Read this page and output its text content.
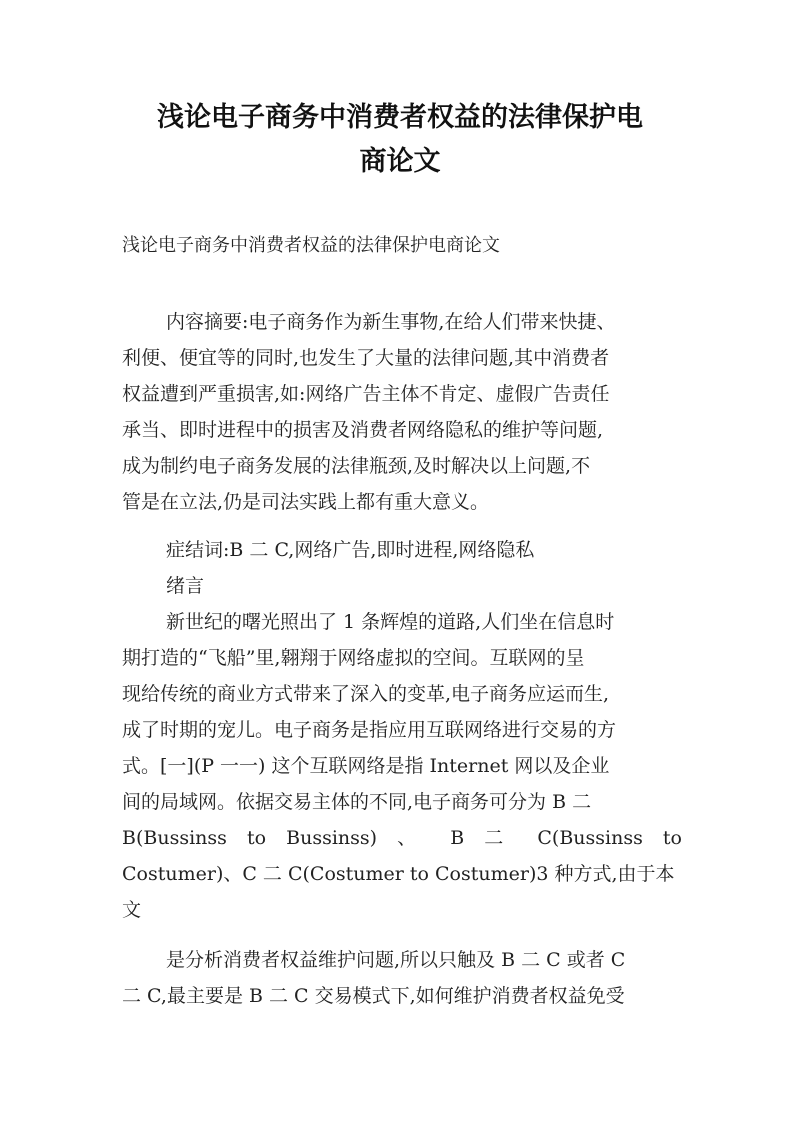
浅论电子商务中消费者权益的法律保护电
商论文
浅论电子商务中消费者权益的法律保护电商论文
内容摘要:电子商务作为新生事物,在给人们带来快捷、
利便、便宜等的同时,也发生了大量的法律问题,其中消费者
权益遭到严重损害,如:网络广告主体不肯定、虚假广告责任
承当、即时进程中的损害及消费者网络隐私的维护等问题,
成为制约电子商务发展的法律瓶颈,及时解决以上问题,不
管是在立法,仍是司法实践上都有重大意义。
症结词:B 二 C,网络广告,即时进程,网络隐私
绪言
新世纪的曙光照出了 1 条辉煌的道路,人们坐在信息时
期打造的“飞船”里,翱翔于网络虚拟的空间。互联网的呈
现给传统的商业方式带来了深入的变革,电子商务应运而生,
成了时期的宠儿。电子商务是指应用互联网络进行交易的方
式。[一](P 一一) 这个互联网络是指 Internet 网以及企业
间的局域网。依据交易主体的不同,电子商务可分为 B 二
B(Bussinss to Bussinss) 、 B 二 C(Bussinss to
Costumer)、C 二 C(Costumer to Costumer)3 种方式,由于本
文
是分析消费者权益维护问题,所以只触及 B 二 C 或者 C
二 C,最主要是 B 二 C 交易模式下,如何维护消费者权益免受
